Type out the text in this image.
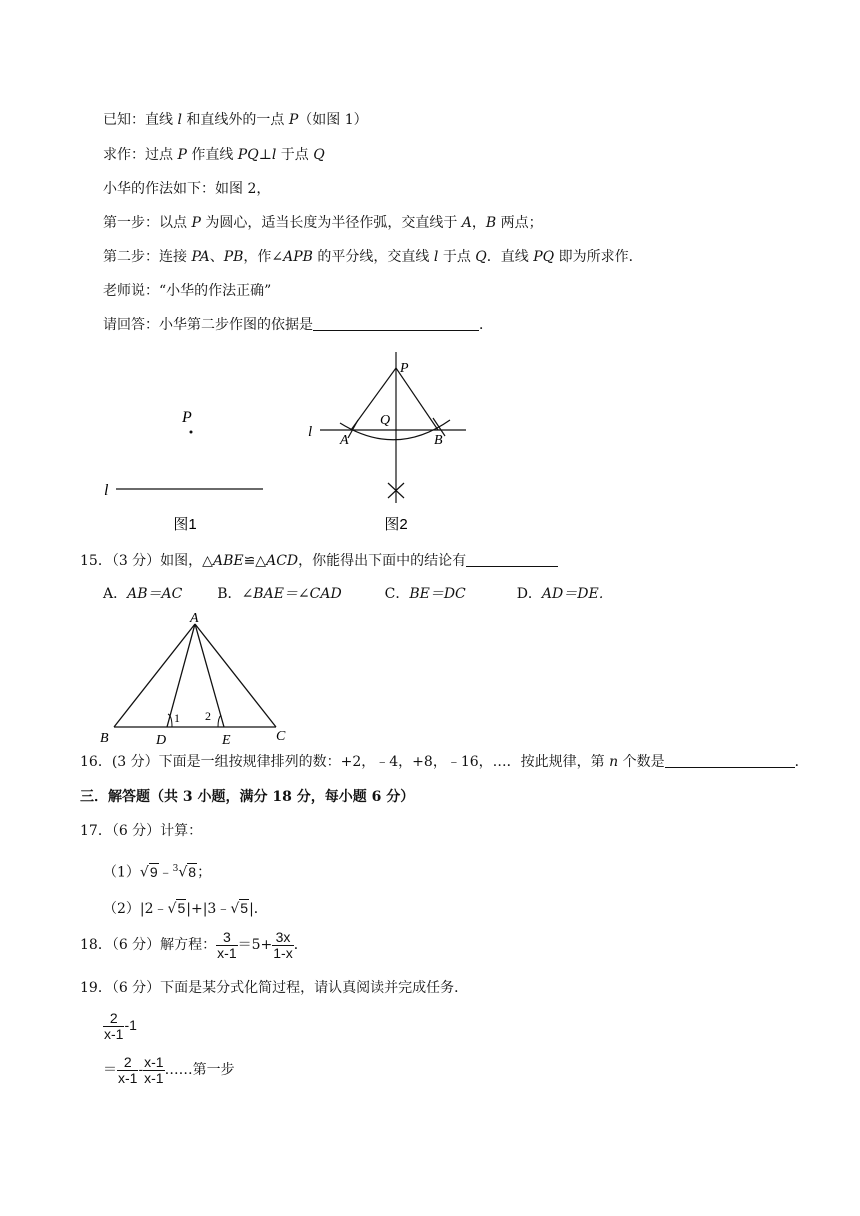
已知：直线 l 和直线外的一点 P（如图 1）
求作：过点 P 作直线 PQ⊥l 于点 Q
小华的作法如下：如图 2，
第一步：以点 P 为圆心，适当长度为半径作弧，交直线于 A，B 两点；
第二步：连接 PA、PB，作∠APB 的平分线，交直线 l 于点 Q．直线 PQ 即为所求作．
老师说：“小华的作法正确”
请回答：小华第二步作图的依据是	．
P
l
图1
P
Q
A	B
l
图2
15．（3 分）如图，△ABE≌△ACD，你能得出下面中的结论有
A．AB＝AC B．∠BAE＝∠CAD	C．BE＝DC	D．AD＝DE．
A
B	C
D	E
1 2
16．(3 分）下面是一组按规律排列的数：+2，﹣4，+8，﹣16，…．按此规律，第 n 个数是	．
三．解答题（共 3 小题，满分 18 分，每小题 6 分）
17．（6 分）计算：
（1）√9﹣$^3$√8；
（2）|2﹣√5|+|3﹣√5|．
18．（6 分）解方程： $\frac{3}{x-1} =5+ \frac{3x}{1-x}$ ．
19．（6 分）下面是某分式化简过程，请认真阅读并完成任务．
$\frac{2}{x-1} -1$
＝ $\frac{2}{x-1} - \frac{x-1}{x-1}$ ……第一步
